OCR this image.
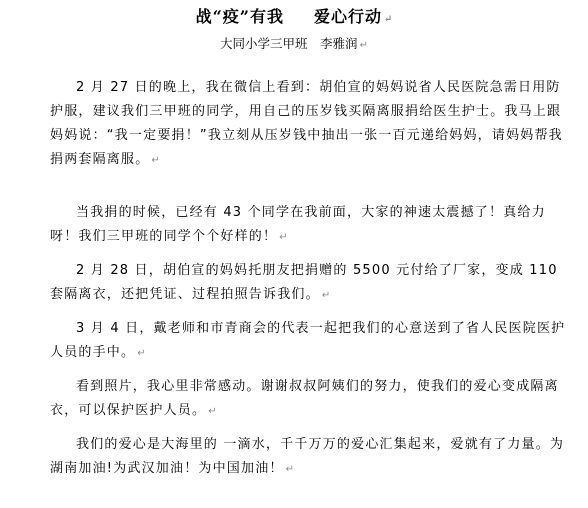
战“疫”有我 爱心行动 ↵
大同小学三甲班　李雅润 ↵

2 月 27 日的晚上，我在微信上看到：胡伯宣的妈妈说省人民医院急需日用防护服，建议我们三甲班的同学，用自己的压岁钱买隔离服捐给医生护士。我马上跟妈妈说：“我一定要捐！”我立刻从压岁钱中抽出一张一百元递给妈妈，请妈妈帮我捐两套隔离服。 ↵

当我捐的时候，已经有 43 个同学在我前面，大家的神速太震撼了！真给力呀！我们三甲班的同学个个好样的！ ↵

2 月 28 日，胡伯宣的妈妈托朋友把捐赠的 5500 元付给了厂家，变成 110 套隔离衣，还把凭证、过程拍照告诉我们。 ↵

3 月 4 日，戴老师和市青商会的代表一起把我们的心意送到了省人民医院医护人员的手中。 ↵

看到照片，我心里非常感动。谢谢叔叔阿姨们的努力，使我们的爱心变成隔离衣，可以保护医护人员。 ↵

我们的爱心是大海里的 一滴水，千千万万的爱心汇集起来，爱就有了力量。为湖南加油!为武汉加油！为中国加油！ ↵
